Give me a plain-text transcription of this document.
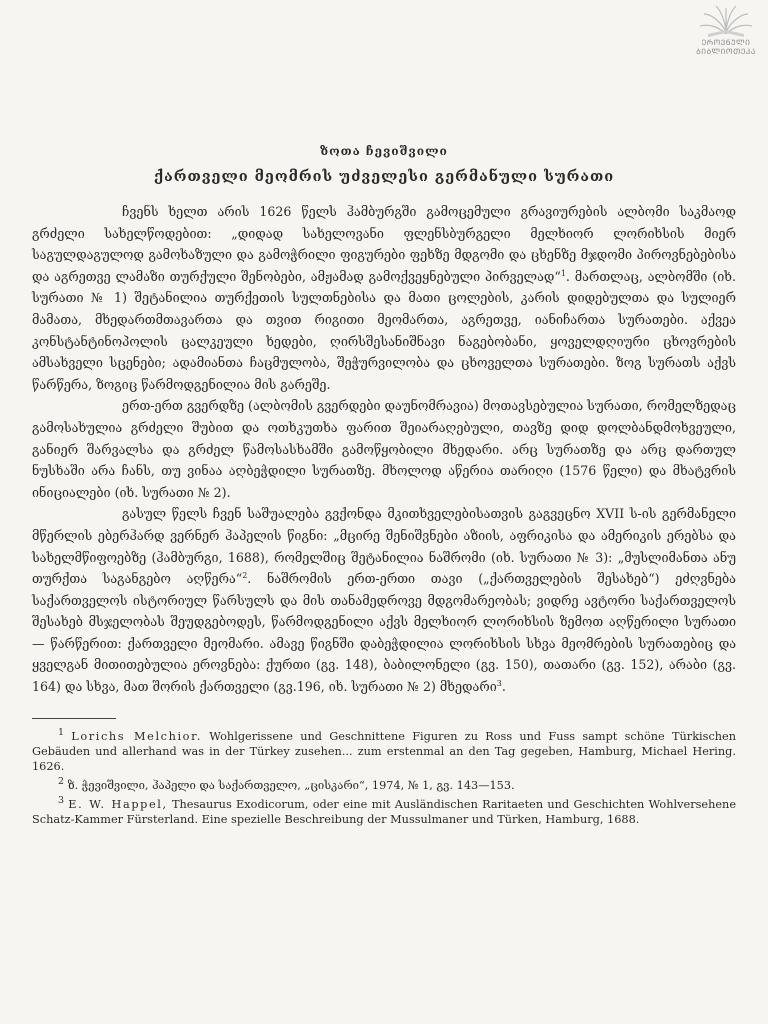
ᲔᲠᲝᲕᲜᲣᲚᲘ
ᲑᲘᲑᲚᲘᲝᲗᲔᲙᲐ
ზოთა ჩევიშვილი
ქართველი მეომრის უძველესი გერმანული სურათი

ჩვენს ხელთ არის 1626 წელს ჰამბურგში გამოცემული გრავიურების ალბომი საკმაოდ გრძელი სახელწოდებით: „დიდად სახელოვანი ფლენსბურგელი მელხიორ ლორიხსის მიერ საგულდაგულოდ გამოხაზული და გამოჭრილი ფიგურები ფეხზე მდგომი და ცხენზე მჯდომი პიროვნებებისა და აგრეთვე ლამაზი თურქული შენობები, ამჟამად გამოქვეყნებული პირველად“$^1$. მართლაც, ალბომში (იხ. სურათი № 1) შეტანილია თურქეთის სულთნებისა და მათი ცოლების, კარის დიდებულთა და სულიერ მამათა, მხედართმთავართა და თვით რიგითი მეომართა, აგრეთვე, იანიჩართა სურათები. აქვეა კონსტანტინოპოლის ცალკეული ხედები, ღირსშესანიშნავი ნაგებობანი, ყოველდღიური ცხოვრების ამსახველი სცენები; ადამიანთა ჩაცმულობა, შეჭურვილობა და ცხოველთა სურათები. ზოგ სურათს აქვს წარწერა, ზოგიც წარმოდგენილია მის გარეშე.

ერთ-ერთ გვერდზე (ალბომის გვერდები დაუნომრავია) მოთავსებულია სურათი, რომელზედაც გამოსახულია გრძელი შუბით და ოთხკუთხა ფარით შეიარაღებული, თავზე დიდ დოლბანდმოხვეული, განიერ შარვალსა და გრძელ წამოსასხამში გამოწყობილი მხედარი. არც სურათზე და არც დართულ ნუსხაში არა ჩანს, თუ ვინაა აღბეჭდილი სურათზე. მხოლოდ აწერია თარიღი (1576 წელი) და მხატვრის ინიციალები (იხ. სურათი № 2).

გასულ წელს ჩვენ საშუალება გვქონდა მკითხველებისათვის გაგვეცნო XVII ს-ის გერმანელი მწერლის ებერჰარდ ვერნერ ჰაპელის წიგნი: „მცირე შენიშვნები აზიის, აფრიკისა და ამერიკის ერებსა და სახელმწიფოებზე (ჰამბურგი, 1688), რომელშიც შეტანილია ნაშრომი (იხ. სურათი № 3): „მუსლიმანთა ანუ თურქთა საგანგებო აღწერა“$^2$. ნაშრომის ერთ-ერთი თავი („ქართველების შესახებ“) ეძღვნება საქართველოს ისტორიულ წარსულს და მის თანამედროვე მდგომარეობას; ვიდრე ავტორი საქართველოს შესახებ მსჯელობას შეუდგებოდეს, წარმოდგენილი აქვს მელხიორ ლორიხსის ზემოთ აღწერილი სურათი — წარწერით: ქართველი მეომარი. ამავე წიგნში დაბეჭდილია ლორიხსის სხვა მეომრების სურათებიც და ყველგან მითითებულია ეროვნება: ქურთი (გვ. 148), ბაბილონელი (გვ. 150), თათარი (გვ. 152), არაბი (გვ. 164) და სხვა, მათ შორის ქართველი (გვ.196, იხ. სურათი № 2) მხედარი$^3$.

$^1$ Lorichs Melchior. Wohlgerissene und Geschnittene Figuren zu Ross und Fuss sampt schöne Türkischen Gebäuden und allerhand was in der Türkey zusehen... zum erstenmal an den Tag gegeben, Hamburg, Michael Hering. 1626.

$^2$ ზ. ჭევიშვილი, ჰაპელი და საქართველო, „ცისკარი“, 1974, № 1, გვ. 143—153.

$^3$ E. W. Happel, Thesaurus Exodicorum, oder eine mit Ausländischen Raritaeten und Geschichten Wohlversehene Schatz-Kammer Fürsterland. Eine spezielle Beschreibung der Mussulmaner und Türken, Hamburg, 1688.
